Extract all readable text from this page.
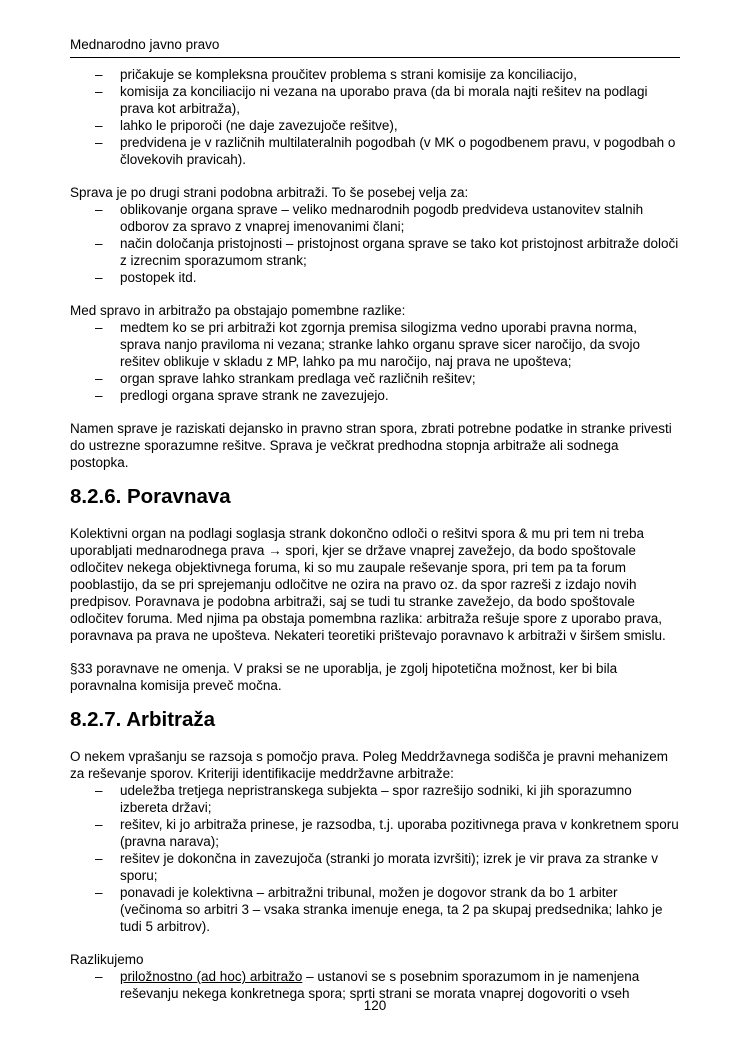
Mednarodno javno pravo
– pričakuje se kompleksna proučitev problema s strani komisije za konciliacijo,
– komisija za konciliacijo ni vezana na uporabo prava (da bi morala najti rešitev na podlagi prava kot arbitraža),
– lahko le priporoči (ne daje zavezujoče rešitve),
– predvidena je v različnih multilateralnih pogodbah (v MK o pogodbenem pravu, v pogodbah o človekovih pravicah).

Sprava je po drugi strani podobna arbitraži. To še posebej velja za:

– oblikovanje organa sprave – veliko mednarodnih pogodb predvideva ustanovitev stalnih odborov za spravo z vnaprej imenovanimi člani;
– način določanja pristojnosti – pristojnost organa sprave se tako kot pristojnost arbitraže določi z izrecnim sporazumom strank;
– postopek itd.

Med spravo in arbitražo pa obstajajo pomembne razlike:

– medtem ko se pri arbitraži kot zgornja premisa silogizma vedno uporabi pravna norma, sprava nanjo praviloma ni vezana; stranke lahko organu sprave sicer naročijo, da svojo rešitev oblikuje v skladu z MP, lahko pa mu naročijo, naj prava ne upošteva;
– organ sprave lahko strankam predlaga več različnih rešitev;
– predlogi organa sprave strank ne zavezujejo.

Namen sprave je raziskati dejansko in pravno stran spora, zbrati potrebne podatke in stranke privesti do ustrezne sporazumne rešitve. Sprava je večkrat predhodna stopnja arbitraže ali sodnega postopka.

8.2.6. Poravnava

Kolektivni organ na podlagi soglasja strank dokončno odloči o rešitvi spora & mu pri tem ni treba uporabljati mednarodnega prava → spori, kjer se države vnaprej zavežejo, da bodo spoštovale odločitev nekega objektivnega foruma, ki so mu zaupale reševanje spora, pri tem pa ta forum pooblastijo, da se pri sprejemanju odločitve ne ozira na pravo oz. da spor razreši z izdajo novih predpisov. Poravnava je podobna arbitraži, saj se tudi tu stranke zavežejo, da bodo spoštovale odločitev foruma. Med njima pa obstaja pomembna razlika: arbitraža rešuje spore z uporabo prava, poravnava pa prava ne upošteva. Nekateri teoretiki prištevajo poravnavo k arbitraži v širšem smislu.

§33 poravnave ne omenja. V praksi se ne uporablja, je zgolj hipotetična možnost, ker bi bila poravnalna komisija preveč močna.

8.2.7. Arbitraža

O nekem vprašanju se razsoja s pomočjo prava. Poleg Meddržavnega sodišča je pravni mehanizem za reševanje sporov. Kriteriji identifikacije meddržavne arbitraže:

– udeležba tretjega nepristranskega subjekta – spor razrešijo sodniki, ki jih sporazumno izbereta državi;
– rešitev, ki jo arbitraža prinese, je razsodba, t.j. uporaba pozitivnega prava v konkretnem sporu (pravna narava);
– rešitev je dokončna in zavezujoča (stranki jo morata izvršiti); izrek je vir prava za stranke v sporu;
– ponavadi je kolektivna – arbitražni tribunal, možen je dogovor strank da bo 1 arbiter (večinoma so arbitri 3 – vsaka stranka imenuje enega, ta 2 pa skupaj predsednika; lahko je tudi 5 arbitrov).

Razlikujemo

– priložnostno (ad hoc) arbitražo – ustanovi se s posebnim sporazumom in je namenjena reševanju nekega konkretnega spora; sprti strani se morata vnaprej dogovoriti o vseh
120
